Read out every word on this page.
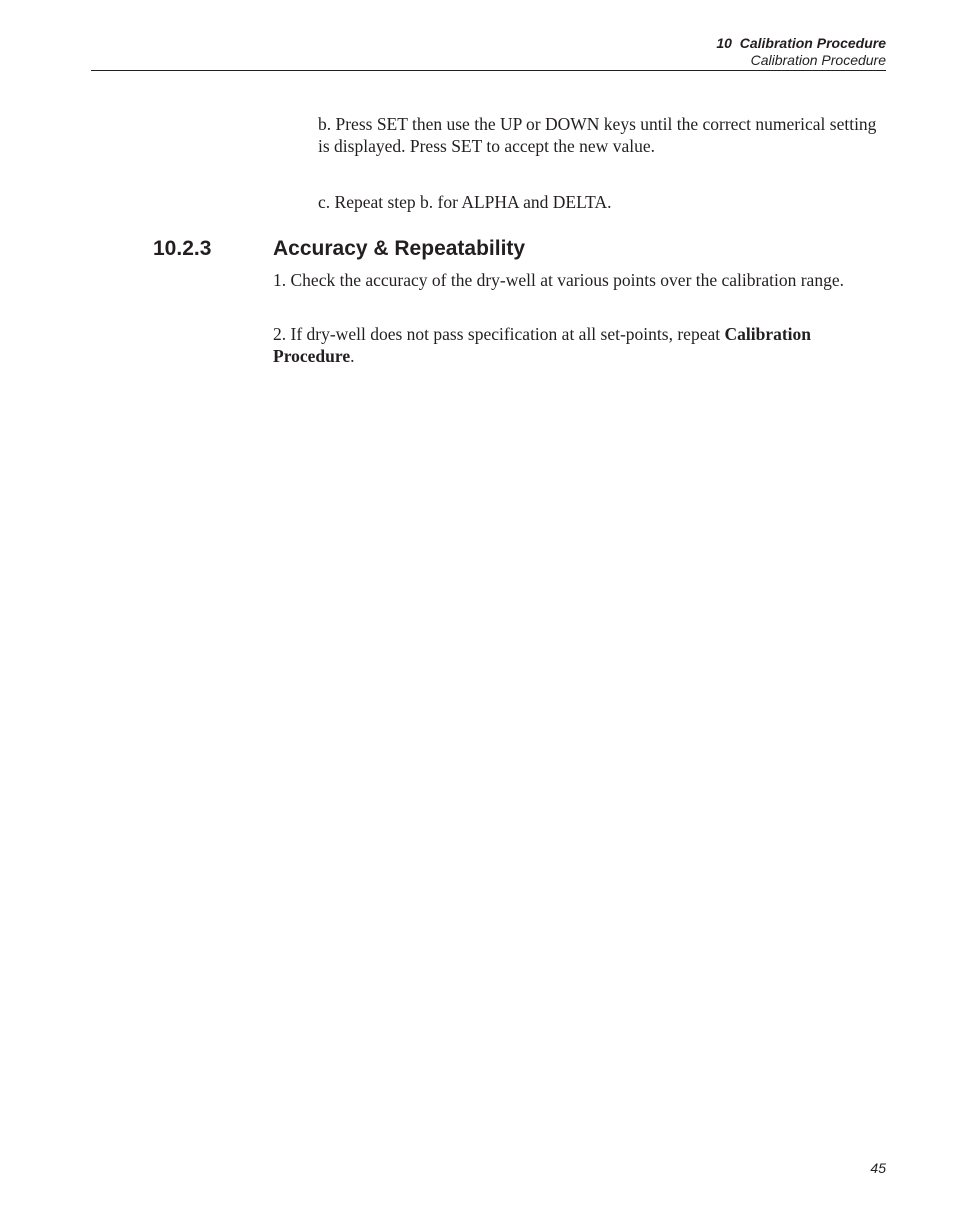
10  Calibration Procedure
Calibration Procedure

b. Press SET then use the UP or DOWN keys until the correct numerical setting is displayed. Press SET to accept the new value.

c. Repeat step b. for ALPHA and DELTA.

10.2.3	Accuracy & Repeatability

1. Check the accuracy of the dry-well at various points over the calibration range.

2. If dry-well does not pass specification at all set-points, repeat Calibration Procedure.

45
